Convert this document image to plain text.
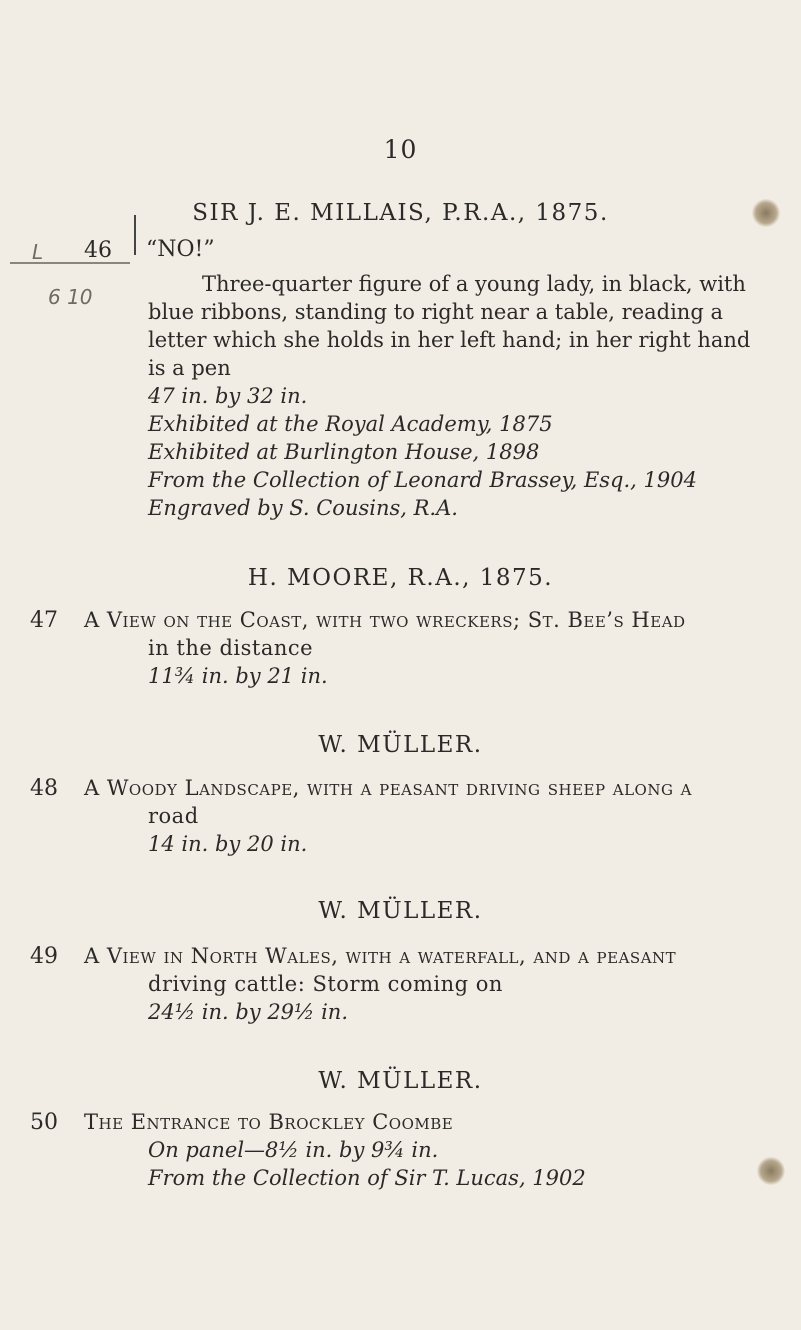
10
SIR J. E. MILLAIS, P.R.A., 1875.
46 “NO!”
Three-quarter figure of a young lady, in black, with
blue ribbons, standing to right near a table, reading a
letter which she holds in her left hand; in her right hand
is a pen
47 in. by 32 in.
Exhibited at the Royal Academy, 1875
Exhibited at Burlington House, 1898
From the Collection of Leonard Brassey, Esq., 1904
Engraved by S. Cousins, R.A.
H. MOORE, R.A., 1875.
47 A View on the Coast, with two wreckers; St. Bee’s Head
in the distance
11¾ in. by 21 in.
W. MÜLLER.
48 A Woody Landscape, with a peasant driving sheep along a
road
14 in. by 20 in.
W. MÜLLER.
49 A View in North Wales, with a waterfall, and a peasant
driving cattle: Storm coming on
24½ in. by 29½ in.
W. MÜLLER.
50 The Entrance to Brockley Coombe
On panel—8½ in. by 9¾ in.
From the Collection of Sir T. Lucas, 1902
L
6 10
